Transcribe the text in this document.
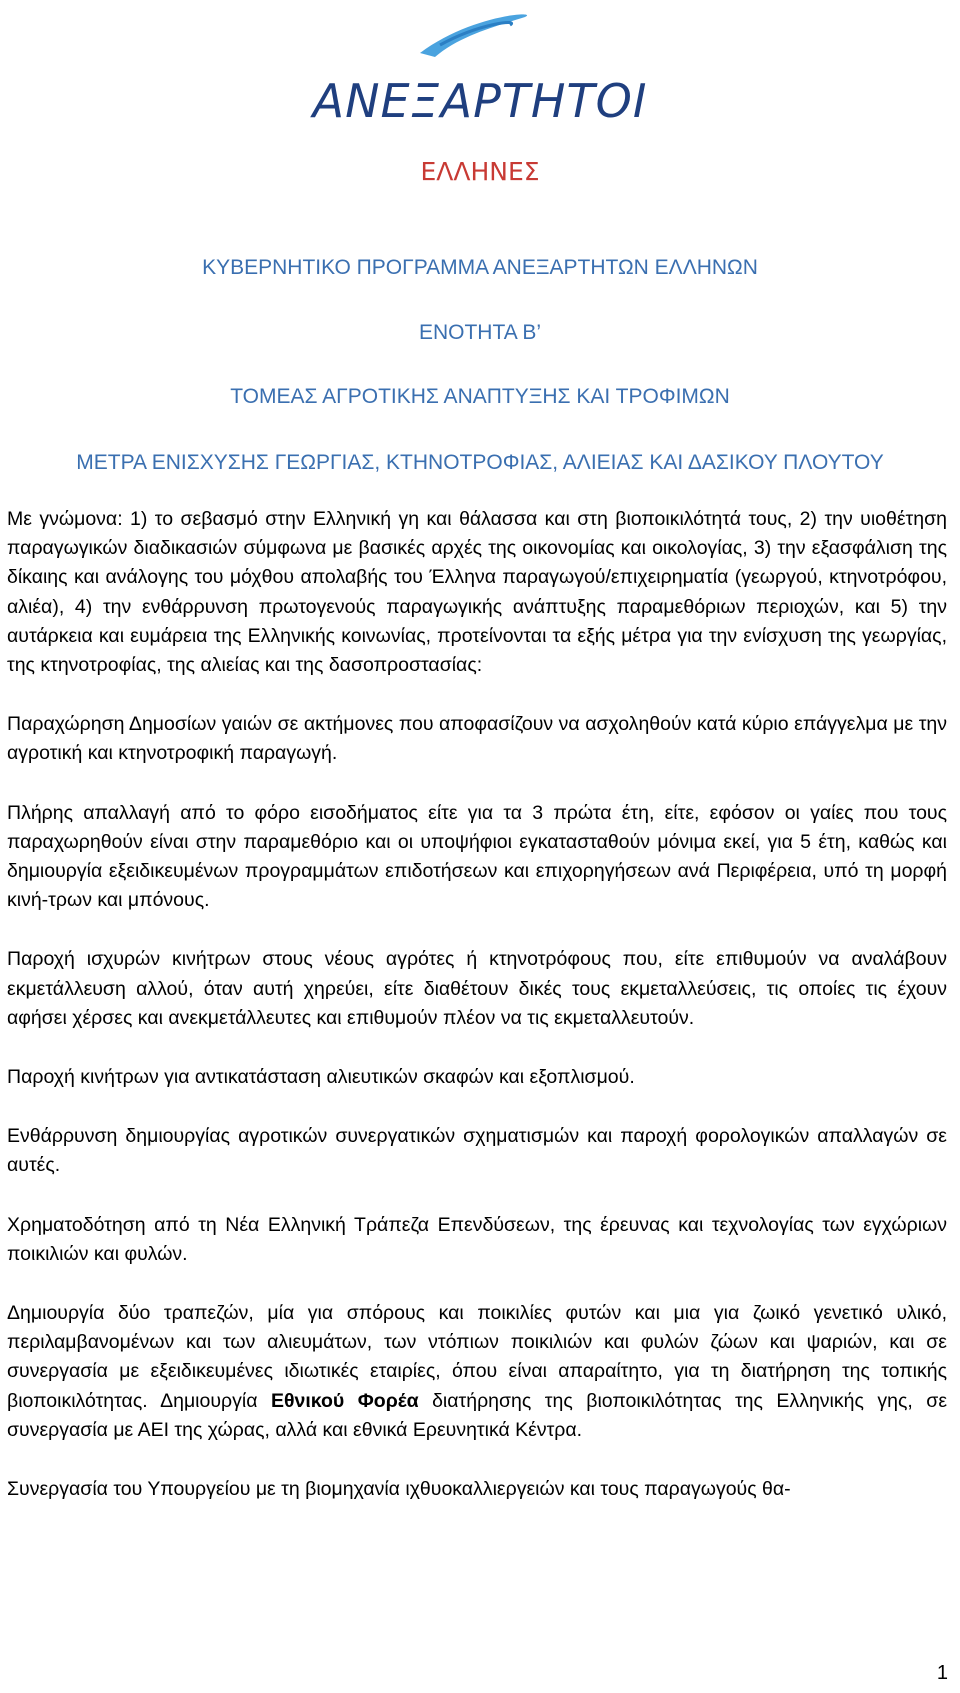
ΑΝΕΞΑΡΤΗΤΟΙ
ΕΛΛΗΝΕΣ
ΚΥΒΕΡΝΗΤΙΚΟ ΠΡΟΓΡΑΜΜΑ ΑΝΕΞΑΡΤΗΤΩΝ ΕΛΛΗΝΩΝ
ΕΝΟΤΗΤΑ Β’
ΤΟΜΕΑΣ ΑΓΡΟΤΙΚΗΣ ΑΝΑΠΤΥΞΗΣ ΚΑΙ ΤΡΟΦΙΜΩΝ
ΜΕΤΡΑ ΕΝΙΣΧΥΣΗΣ ΓΕΩΡΓΙΑΣ, ΚΤΗΝΟΤΡΟΦΙΑΣ, ΑΛΙΕΙΑΣ ΚΑΙ ΔΑΣΙΚΟΥ ΠΛΟΥΤΟΥ

Με γνώμονα: 1) το σεβασμό στην Ελληνική γη και θάλασσα και στη βιοποικιλότητά τους, 2) την υιοθέτηση παραγωγικών διαδικασιών σύμφωνα με βασικές αρχές της οικονομίας και οικολογίας, 3) την εξασφάλιση της δίκαιης και ανάλογης του μόχθου απολαβής του Έλληνα παραγωγού/επιχειρηματία (γεωργού, κτηνοτρόφου, αλιέα), 4) την ενθάρρυνση πρωτογενούς παραγωγικής ανάπτυξης παραμεθόριων περιοχών, και 5) την αυτάρκεια και ευμάρεια της Ελληνικής κοινωνίας, προτείνονται τα εξής μέτρα για την ενίσχυση της γεωργίας, της κτηνοτροφίας, της αλιείας και της δασοπροστασίας:

Παραχώρηση Δημοσίων γαιών σε ακτήμονες που αποφασίζουν να ασχοληθούν κατά κύριο επάγγελμα με την αγροτική και κτηνοτροφική παραγωγή.

Πλήρης απαλλαγή από το φόρο εισοδήματος είτε για τα 3 πρώτα έτη, είτε, εφόσον οι γαίες που τους παραχωρηθούν είναι στην παραμεθόριο και οι υποψήφιοι εγκατασταθούν μόνιμα εκεί, για 5 έτη, καθώς και δημιουργία εξειδικευμένων προγραμμάτων επιδοτήσεων και επιχορηγήσεων ανά Περιφέρεια, υπό τη μορφή κινή-τρων και μπόνους.

Παροχή ισχυρών κινήτρων στους νέους αγρότες ή κτηνοτρόφους που, είτε επιθυμούν να αναλάβουν εκμετάλλευση αλλού, όταν αυτή χηρεύει, είτε διαθέτουν δικές τους εκμεταλλεύσεις, τις οποίες τις έχουν αφήσει χέρσες και ανεκμετάλλευτες και επιθυμούν πλέον να τις εκμεταλλευτούν.

Παροχή κινήτρων για αντικατάσταση αλιευτικών σκαφών και εξοπλισμού.

Ενθάρρυνση δημιουργίας αγροτικών συνεργατικών σχηματισμών και παροχή φορολογικών απαλλαγών σε αυτές.

Χρηματοδότηση από τη Νέα Ελληνική Τράπεζα Επενδύσεων, της έρευνας και τεχνολογίας των εγχώριων ποικιλιών και φυλών.

Δημιουργία δύο τραπεζών, μία για σπόρους και ποικιλίες φυτών και μια για ζωικό γενετικό υλικό, περιλαμβανομένων και των αλιευμάτων, των ντόπιων ποικιλιών και φυλών ζώων και ψαριών, και σε συνεργασία με εξειδικευμένες ιδιωτικές εταιρίες, όπου είναι απαραίτητο, για τη διατήρηση της τοπικής βιοποικιλότητας. Δημιουργία Εθνικού Φορέα διατήρησης της βιοποικιλότητας της Ελληνικής γης, σε συνεργασία με ΑΕΙ της χώρας, αλλά και εθνικά Ερευνητικά Κέντρα.

Συνεργασία του Υπουργείου με τη βιομηχανία ιχθυοκαλλιεργειών και τους παραγωγούς θα-

1
